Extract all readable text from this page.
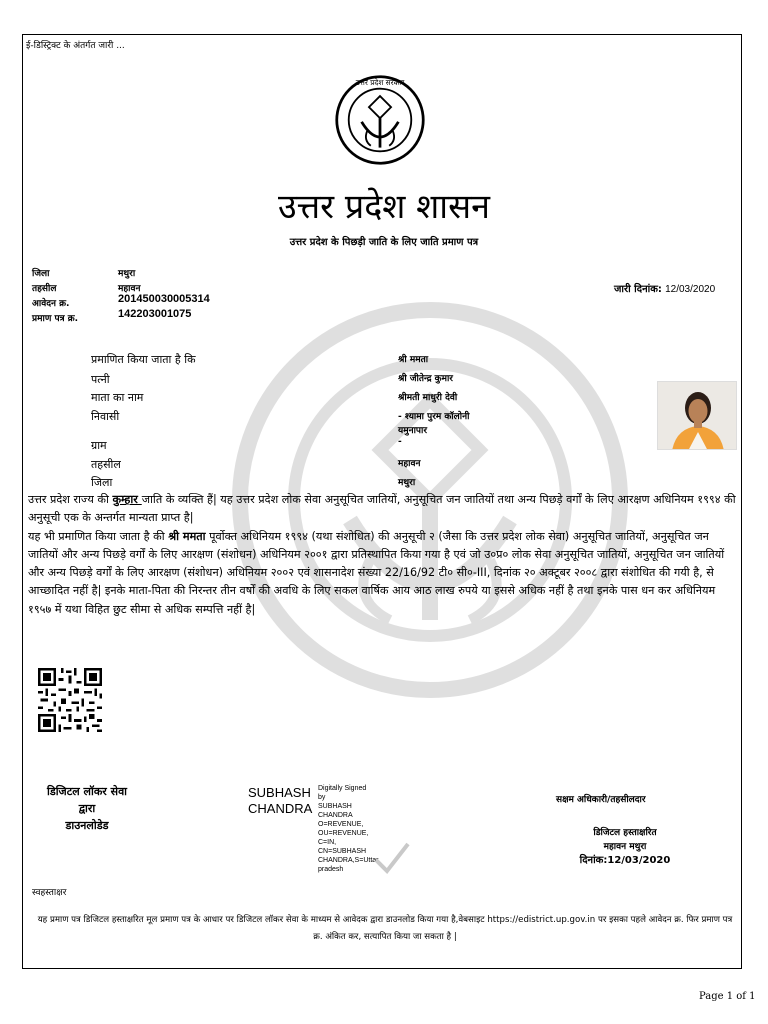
ई-डिस्ट्रिक्ट के अंतर्गत जारी ...
उत्तर प्रदेश सरकार
उत्तर प्रदेश शासन
उत्तर प्रदेश के पिछड़ी जाति के लिए जाति प्रमाण पत्र
जिला	मथुरा
तहसील	महावन
आवेदन क्र.	201450030005314
प्रमाण पत्र क्र.	142203001075
जारी दिनांक: 12/03/2020
प्रमाणित किया जाता है कि	श्री ममता
पत्नी	श्री जीतेन्द्र कुमार
माता का नाम	श्रीमती माधुरी देवी
निवासी	- श्यामा पुरम कॉलोनी
यमुनापार
ग्राम	-
तहसील	महावन
जिला	मथुरा
उत्तर प्रदेश राज्य की कुम्हार जाति के व्यक्ति हैं| यह उत्तर प्रदेश लोक सेवा अनुसूचित जातियों, अनुसूचित जन जातियों तथा अन्य पिछड़े वर्गों के लिए आरक्षण अधिनियम १९९४ की अनुसूची एक के अन्तर्गत मान्यता प्राप्त है|
यह भी प्रमाणित किया जाता है की श्री ममता पूर्वोक्त अधिनियम १९९४ (यथा संशोधित) की अनुसूची २ (जैसा कि उत्तर प्रदेश लोक सेवा) अनुसूचित जातियों, अनुसूचित जन जातियों और अन्य पिछड़े वर्गों के लिए आरक्षण (संशोधन) अधिनियम २००१ द्वारा प्रतिस्थापित किया गया है एवं जो उ०प्र० लोक सेवा अनुसूचित जातियों, अनुसूचित जन जातियों और अन्य पिछड़े वर्गों के लिए आरक्षण (संशोधन) अधिनियम २००२ एवं शासनादेश संख्या 22/16/92 टी० सी०-III, दिनांक २० अक्टूबर २००८ द्वारा संशोधित की गयी है, से आच्छादित नहीं है| इनके माता-पिता की निरन्तर तीन वर्षों की अवधि के लिए सकल वार्षिक आय आठ लाख रुपये या इससे अधिक नहीं है तथा इनके पास धन कर अधिनियम १९५७ में यथा विहित छुट सीमा से अधिक सम्पत्ति नहीं है|
डिजिटल लॉकर सेवा
द्वारा
डाउनलोडेड
SUBHASH
CHANDRA
Digitally Signed
by
SUBHASH
CHANDRA
O=REVENUE,
OU=REVENUE,
C=IN,
CN=SUBHASH
CHANDRA,S=Uttar
pradesh
सक्षम अधिकारी/तहसीलदार
डिजिटल हस्ताक्षरित
महावन मथुरा
दिनांक:12/03/2020
स्वहस्ताक्षर
यह प्रमाण पत्र डिजिटल हस्ताक्षरित मूल प्रमाण पत्र के आधार पर डिजिटल लॉकर सेवा के माध्यम से आवेदक द्वारा डाउनलोड किया गया है,वेबसाइट https://edistrict.up.gov.in पर इसका पहले आवेदन क्र. फिर प्रमाण पत्र क्र. अंकित कर, सत्यापित किया जा सकता है |
Page 1 of 1
